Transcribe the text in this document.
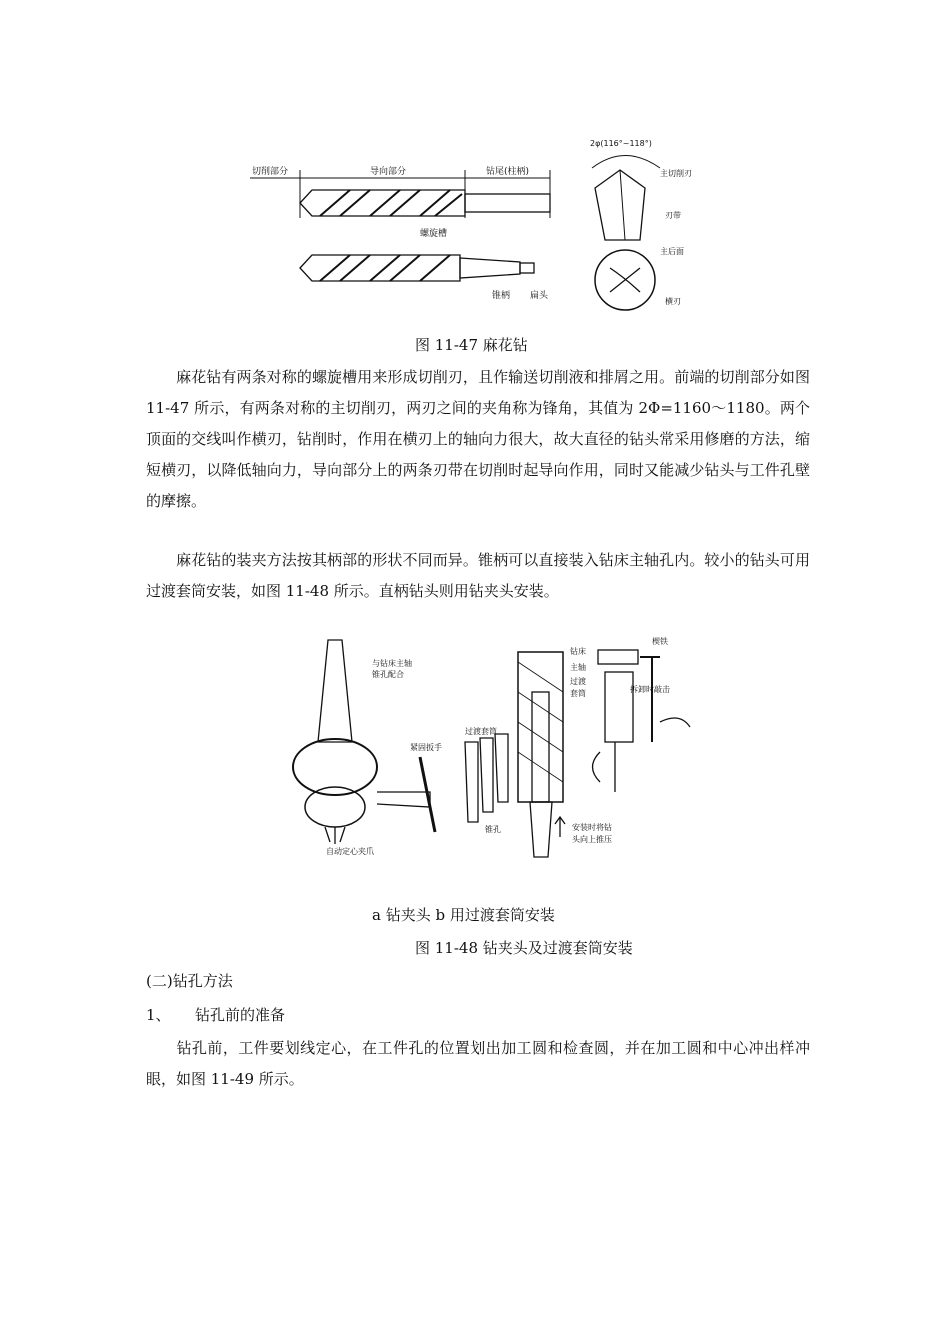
切削部分	导向部分	钻尾(柱柄)
螺旋槽
锥柄 扁头
2φ(116°~118°)
主切削刃
刃带
主后面
横刃
图 11-47 麻花钻
麻花钻有两条对称的螺旋槽用来形成切削刃，且作输送切削液和排屑之用。前端的切削部分如图 11-47 所示，有两条对称的主切削刃，两刃之间的夹角称为锋角，其值为 2Φ=1160～1180。两个顶面的交线叫作横刃，钻削时，作用在横刃上的轴向力很大，故大直径的钻头常采用修磨的方法，缩短横刃，以降低轴向力，导向部分上的两条刃带在切削时起导向作用，同时又能减少钻头与工件孔壁的摩擦。
麻花钻的装夹方法按其柄部的形状不同而异。锥柄可以直接装入钻床主轴孔内。较小的钻头可用过渡套筒安装，如图 11-48 所示。直柄钻头则用钻夹头安装。
与钻床主轴
锥孔配合
紧固扳手
自动定心夹爪
过渡套筒
锥孔
钻床
主轴
过渡
套筒
安装时将钻
头向上推压
楔铁
拆卸时敲击
a 钻夹头 b 用过渡套筒安装
图 11-48 钻夹头及过渡套筒安装
(二)钻孔方法
1、 钻孔前的准备
钻孔前，工件要划线定心，在工件孔的位置划出加工圆和检查圆，并在加工圆和中心冲出样冲眼，如图 11-49 所示。
